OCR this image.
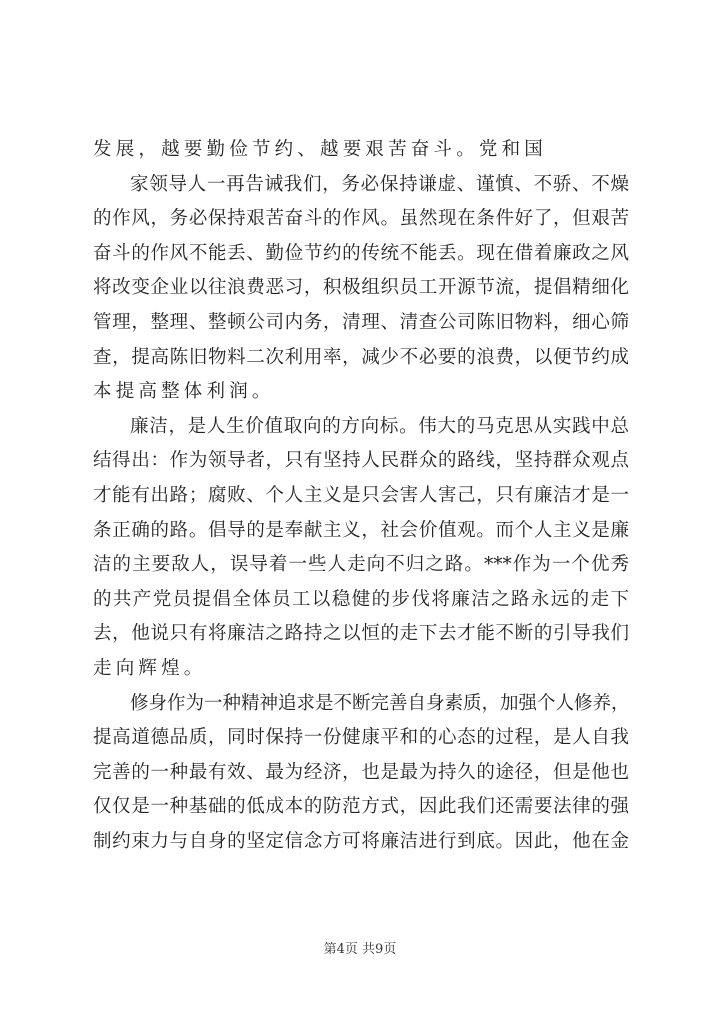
发展，越要勤俭节约、越要艰苦奋斗。党和国
家领导人一再告诫我们，务必保持谦虚、谨慎、不骄、不燥
的作风，务必保持艰苦奋斗的作风。虽然现在条件好了，但艰苦
奋斗的作风不能丢、勤俭节约的传统不能丢。现在借着廉政之风
将改变企业以往浪费恶习，积极组织员工开源节流，提倡精细化
管理，整理、整顿公司内务，清理、清查公司陈旧物料，细心筛
查，提高陈旧物料二次利用率，减少不必要的浪费，以便节约成
本提高整体利润。
廉洁，是人生价值取向的方向标。伟大的马克思从实践中总
结得出：作为领导者，只有坚持人民群众的路线，坚持群众观点
才能有出路；腐败、个人主义是只会害人害己，只有廉洁才是一
条正确的路。倡导的是奉献主义，社会价值观。而个人主义是廉
洁的主要敌人，误导着一些人走向不归之路。***作为一个优秀
的共产党员提倡全体员工以稳健的步伐将廉洁之路永远的走下
去，他说只有将廉洁之路持之以恒的走下去才能不断的引导我们
走向辉煌。
修身作为一种精神追求是不断完善自身素质，加强个人修养，
提高道德品质，同时保持一份健康平和的心态的过程，是人自我
完善的一种最有效、最为经济，也是最为持久的途径，但是他也
仅仅是一种基础的低成本的防范方式，因此我们还需要法律的强
制约束力与自身的坚定信念方可将廉洁进行到底。因此，他在金
第4页 共9页
